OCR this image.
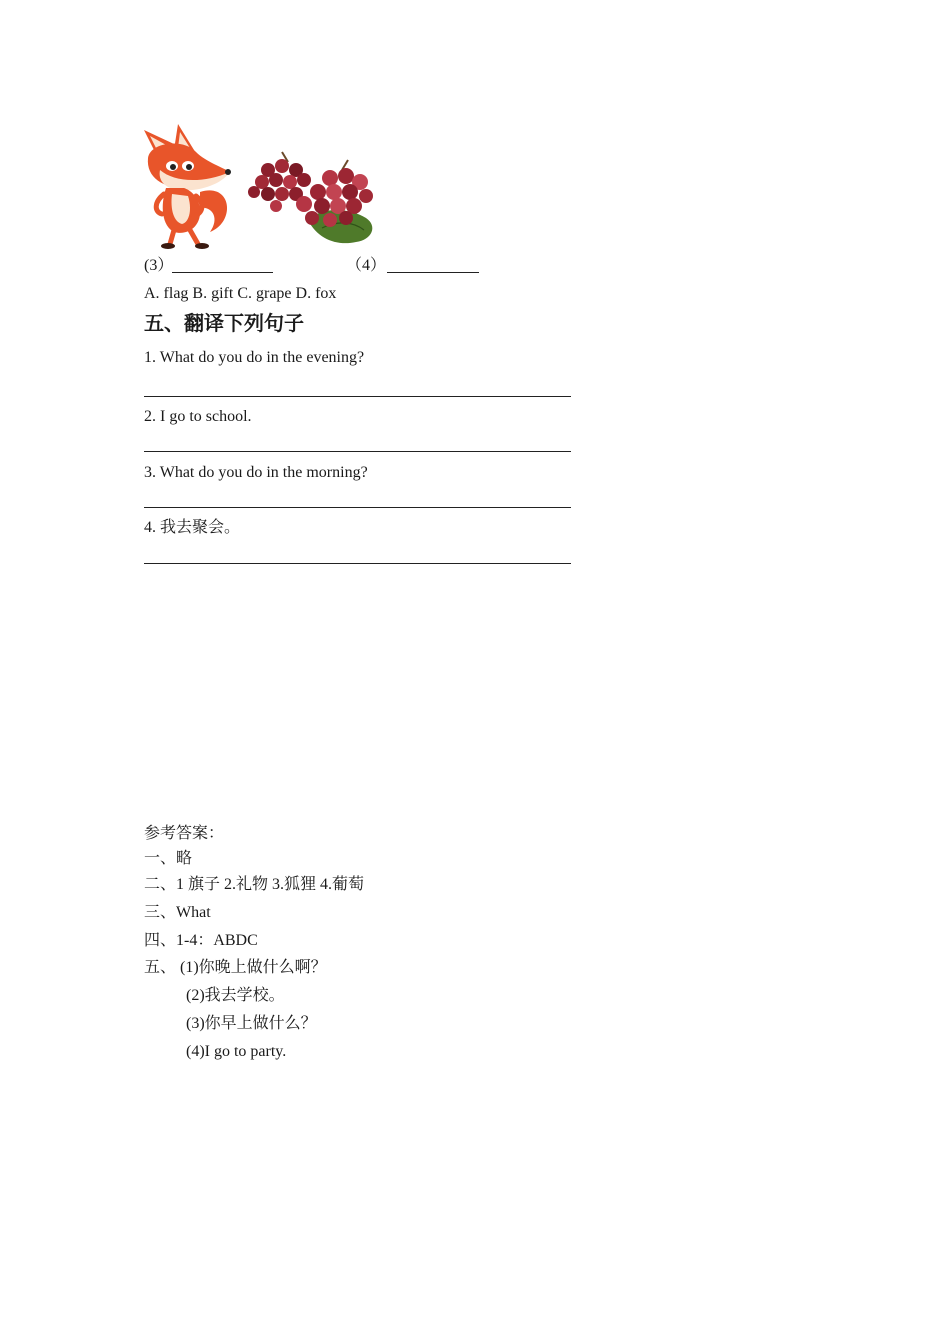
(3）	（4）
A. flag B. gift C. grape D. fox
五、翻译下列句子
1. What do you do in the evening?
2. I go to school.
3. What do you do in the morning?
4. 我去聚会。
参考答案：
一、略
二、1 旗子 2.礼物 3.狐狸 4.葡萄
三、What
四、1-4：ABDC
五、 (1)你晚上做什么啊？
(2)我去学校。
(3)你早上做什么？
(4)I go to party.
